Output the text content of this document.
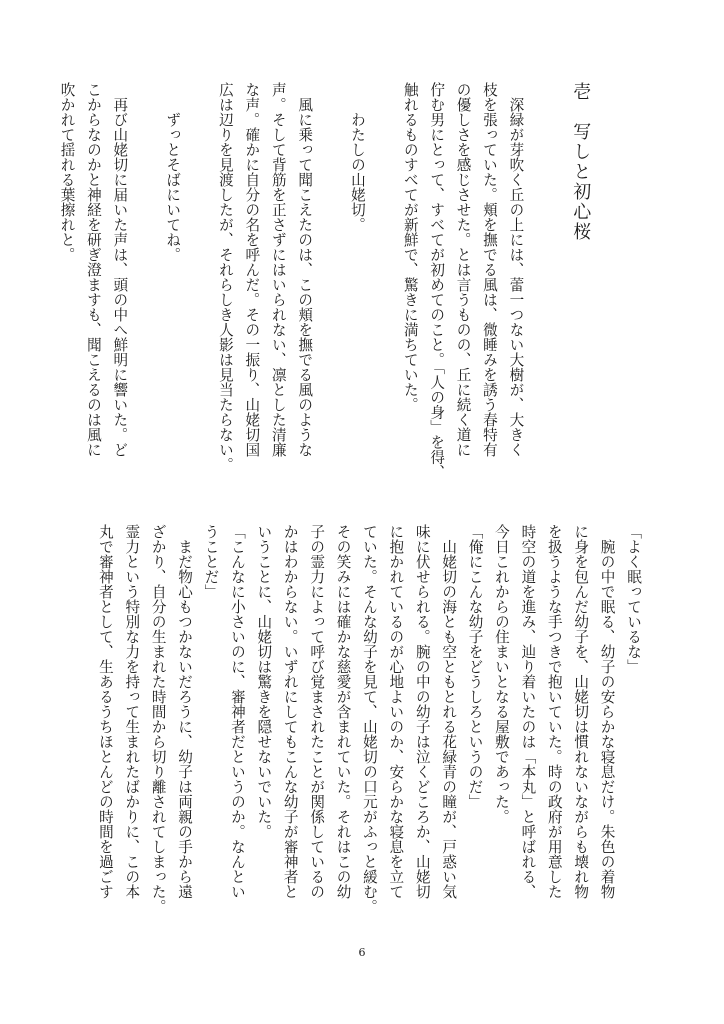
壱　写しと初心桜

　深緑が芽吹く丘の上には、蕾一つない大樹が、大きく
枝を張っていた。頬を撫でる風は、微睡みを誘う春特有
の優しさを感じさせた。とは言うものの、丘に続く道に
佇む男にとって、すべてが初めてのこと。「人の身」を得、
触れるものすべてが新鮮で、驚きに満ちていた。
　　わたしの山姥切。
　風に乗って聞こえたのは、この頬を撫でる風のような
声。そして背筋を正さずにはいられない、凛とした清廉
な声。確かに自分の名を呼んだ。その一振り、山姥切国
広は辺りを見渡したが、それらしき人影は見当たらない。
　　ずっとそばにいてね。
　再び山姥切に届いた声は、頭の中へ鮮明に響いた。ど
こからなのかと神経を研ぎ澄ますも、聞こえるのは風に
吹かれて揺れる葉擦れと。
「よく眠っているな」
　腕の中で眠る、幼子の安らかな寝息だけ。朱色の着物
に身を包んだ幼子を、山姥切は慣れないながらも壊れ物
を扱うような手つきで抱いていた。時の政府が用意した
時空の道を進み、辿り着いたのは「本丸」と呼ばれる、
今日これからの住まいとなる屋敷であった。
「俺にこんな幼子をどうしろというのだ」
　山姥切の海とも空ともとれる花緑青の瞳が、戸惑い気
味に伏せられる。腕の中の幼子は泣くどころか、山姥切
に抱かれているのが心地よいのか、安らかな寝息を立て
ていた。そんな幼子を見て、山姥切の口元がふっと緩む。
その笑みには確かな慈愛が含まれていた。それはこの幼
子の霊力によって呼び覚まされたことが関係しているの
かはわからない。いずれにしてもこんな幼子が審神者と
いうことに、山姥切は驚きを隠せないでいた。
「こんなに小さいのに、審神者だというのか。なんとい
うことだ」
　まだ物心もつかないだろうに、幼子は両親の手から遠
ざかり、自分の生まれた時間から切り離されてしまった。
霊力という特別な力を持って生まれたばかりに、この本
丸で審神者として、生あるうちほとんどの時間を過ごす
6
